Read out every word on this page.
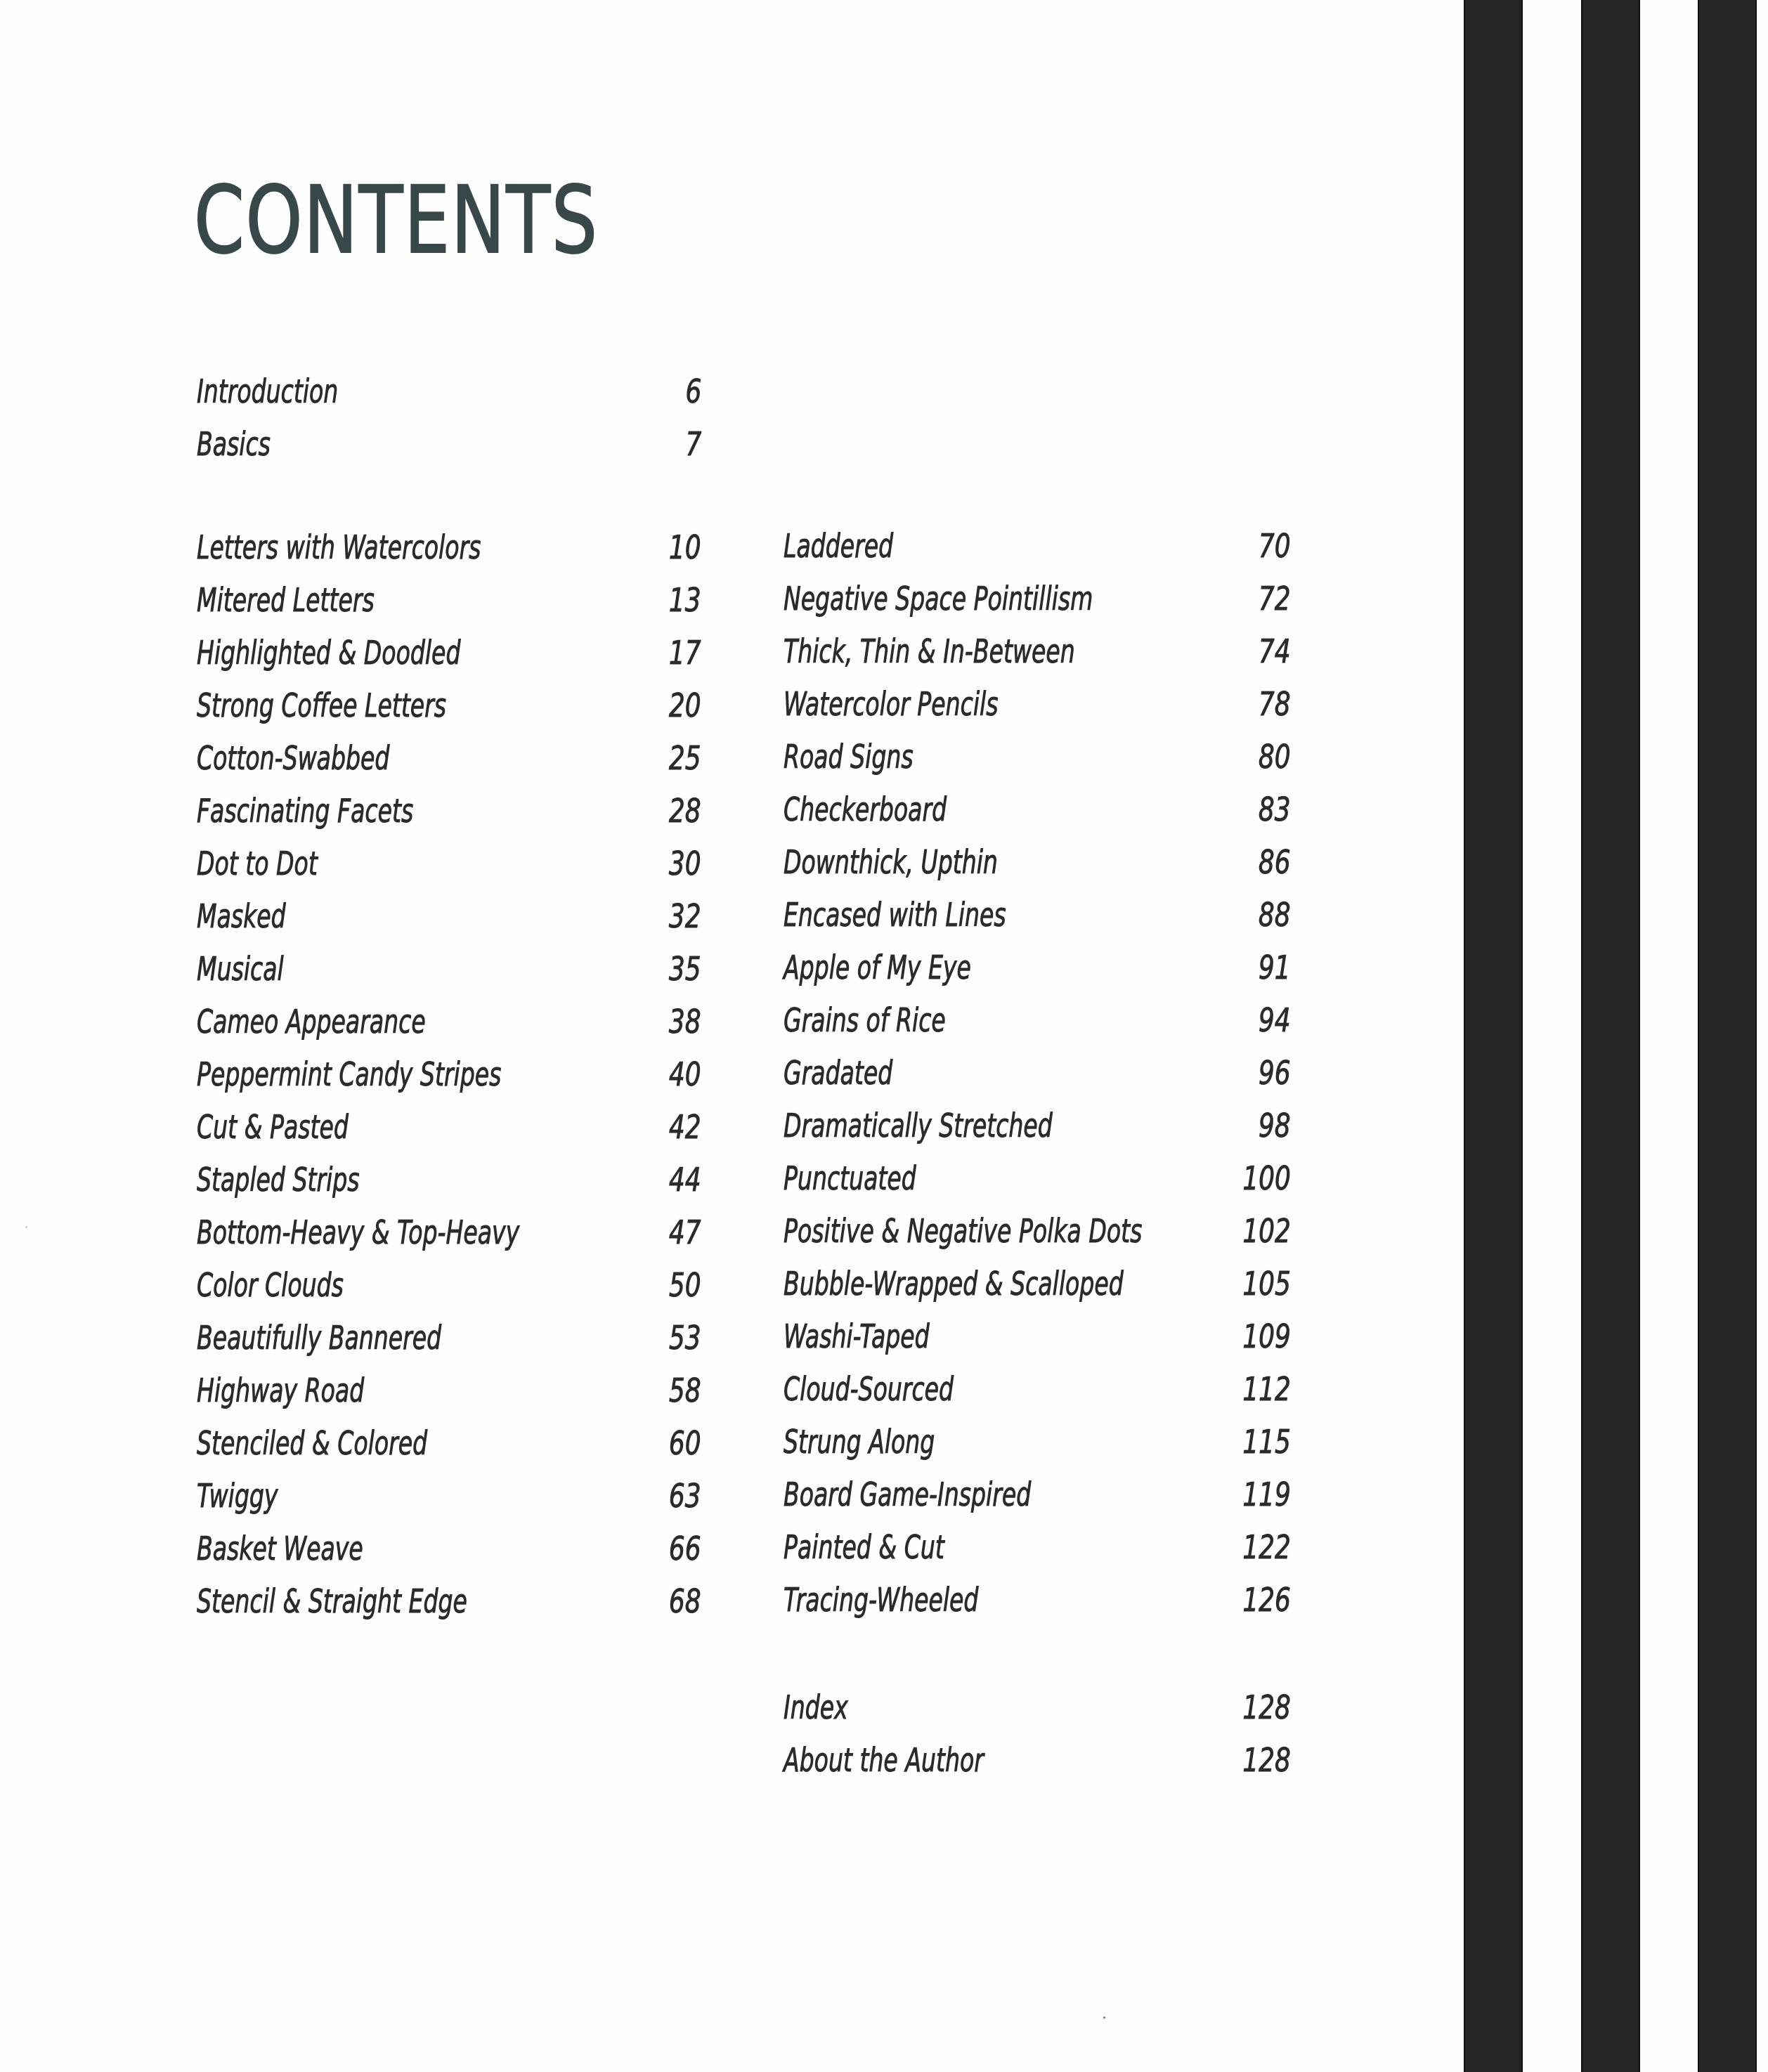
CONTENTS
Introduction	6
Basics	7
Letters with Watercolors	10
Mitered Letters	13
Highlighted & Doodled	17
Strong Coffee Letters	20
Cotton-Swabbed	25
Fascinating Facets	28
Dot to Dot	30
Masked	32
Musical	35
Cameo Appearance	38
Peppermint Candy Stripes	40
Cut & Pasted	42
Stapled Strips	44
Bottom-Heavy & Top-Heavy	47
Color Clouds	50
Beautifully Bannered	53
Highway Road	58
Stenciled & Colored	60
Twiggy	63
Basket Weave	66
Stencil & Straight Edge	68
Laddered	70
Negative Space Pointillism	72
Thick, Thin & In-Between	74
Watercolor Pencils	78
Road Signs	80
Checkerboard	83
Downthick, Upthin	86
Encased with Lines	88
Apple of My Eye	91
Grains of Rice	94
Gradated	96
Dramatically Stretched	98
Punctuated	100
Positive & Negative Polka Dots	102
Bubble-Wrapped & Scalloped	105
Washi-Taped	109
Cloud-Sourced	112
Strung Along	115
Board Game-Inspired	119
Painted & Cut	122
Tracing-Wheeled	126
Index	128
About the Author	128
